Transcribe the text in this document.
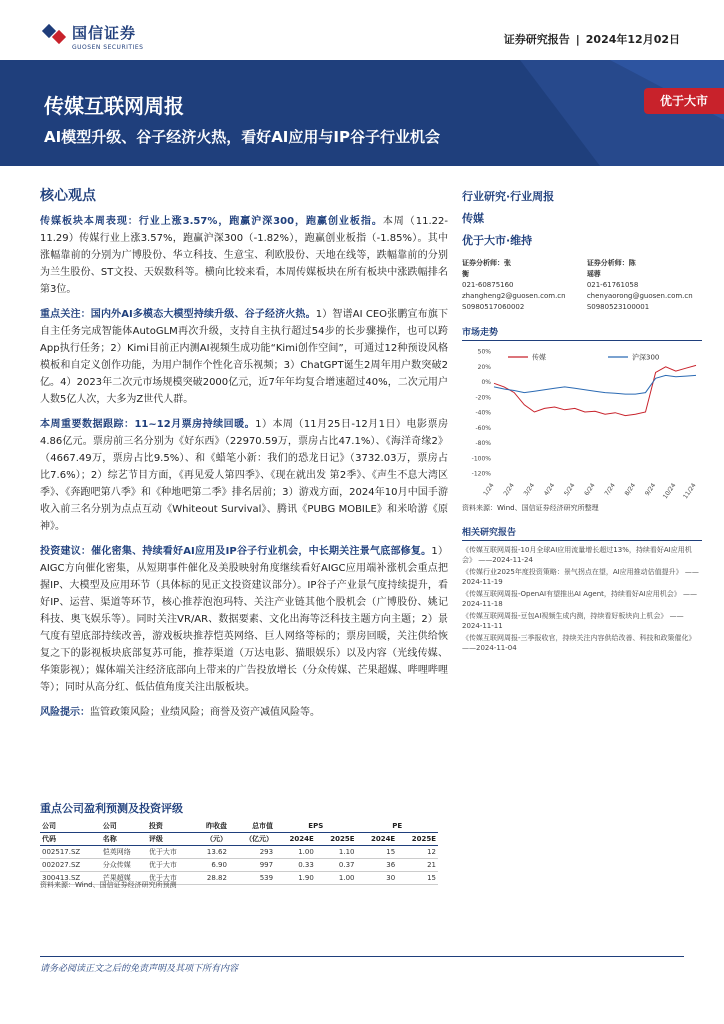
国信证券
GUOSEN SECURITIES
证券研究报告 | 2024年12月02日
传媒互联网周报
AI模型升级、谷子经济火热，看好AI应用与IP谷子行业机会
优于大市
核心观点
传媒板块本周表现：行业上涨3.57%，跑赢沪深300，跑赢创业板指。本周（11.22-11.29）传媒行业上涨3.57%，跑赢沪深300（-1.82%），跑赢创业板指（-1.85%）。其中涨幅靠前的分别为广博股份、华立科技、生意宝、利欧股份、天地在线等，跌幅靠前的分别为兰生股份、ST文投、天娱数科等。横向比较来看，本周传媒板块在所有板块中涨跌幅排名第3位。
重点关注：国内外AI多模态大模型持续升级、谷子经济火热。1）智谱AI CEO张鹏宣布旗下自主任务完成智能体AutoGLM再次升级，支持自主执行超过54步的长步骤操作，也可以跨App执行任务；2）Kimi目前正内测AI视频生成功能“Kimi创作空间”，可通过12种预设风格模板和自定义创作功能，为用户制作个性化音乐视频；3）ChatGPT诞生2周年用户数突破2亿。4）2023年二次元市场规模突破2000亿元，近7年年均复合增速超过40%，二次元用户人数5亿人次，大多为Z世代人群。
本周重要数据跟踪：11~12月票房持续回暖。1）本周（11月25日-12月1日）电影票房4.86亿元。票房前三名分别为《好东西》（22970.59万，票房占比47.1%）、《海洋奇缘2》（4667.49万，票房占比9.5%）、和《蜡笔小新：我们的恐龙日记》（3732.03万，票房占比7.6%）；2）综艺节目方面，《再见爱人第四季》、《现在就出发 第2季》、《声生不息大湾区季》、《奔跑吧第八季》和《种地吧第二季》排名居前；3）游戏方面，2024年10月中国手游收入前三名分别为点点互动《Whiteout Survival》、腾讯《PUBG MOBILE》和米哈游《原神》。
投资建议：催化密集、持续看好AI应用及IP谷子行业机会，中长期关注景气底部修复。1）AIGC方向催化密集，从短期事件催化及美股映射角度继续看好AIGC应用端补涨机会重点把握IP、大模型及应用环节（具体标的见正文投资建议部分）。IP谷子产业景气度持续提升，看好IP、运营、渠道等环节，核心推荐泡泡玛特、关注产业链其他个股机会（广博股份、姚记科技、奥飞娱乐等）。同时关注VR/AR、数据要素、文化出海等泛科技主题方向主题；2）景气度有望底部持续改善，游戏板块推荐恺英网络、巨人网络等标的；票房回暖，关注供给恢复之下的影视板块底部复苏可能，推荐渠道（万达电影、猫眼娱乐）以及内容（光线传媒、华策影视）；媒体端关注经济底部向上带来的广告投放增长（分众传媒、芒果超媒、哔哩哔哩等）；同时从高分红、低估值角度关注出版板块。
风险提示：监管政策风险；业绩风险；商誉及资产减值风险等。
行业研究·行业周报
传媒
优于大市·维持
证券分析师：张衡
021-60875160
zhangheng2@guosen.com.cn
S0980517060002
证券分析师：陈瑶蓉
021-61761058
chenyaorong@guosen.com.cn
S0980523100001
市场走势
50%
20%
0%
-20%
-40%
-60%
-80%
-100%
-120%
1/24 2/24 3/24 4/24 5/24 6/24 7/24 8/24 9/24 10/24 11/24
传媒	沪深300
资料来源：Wind、国信证券经济研究所整理
相关研究报告
《传媒互联网周报-10月全球AI应用流量增长超过13%，持续看好AI应用机会》 ——2024-11-24
《传媒行业2025年度投资策略：景气拐点在望，AI应用推动估值提升》 ——2024-11-19
《传媒互联网周报-OpenAI有望推出AI Agent，持续看好AI应用机会》 ——2024-11-18
《传媒互联网周报-豆包AI视频生成内测，持续看好板块向上机会》 ——2024-11-11
《传媒互联网周报-三季报收官，持续关注内容供给改善、科技和政策催化》 ——2024-11-04
重点公司盈利预测及投资评级
公司	公司	投资	昨收盘	总市值	EPS		PE	
代码	名称	评级	（元）	（亿元）	2024E	2025E	2024E	2025E
002517.SZ	恺英网络	优于大市	13.62	293	1.00	1.10	15	12
002027.SZ	分众传媒	优于大市	6.90	997	0.33	0.37	36	21
300413.SZ	芒果超媒	优于大市	28.82	539	1.90	1.00	30	15
资料来源：Wind、国信证券经济研究所预测
请务必阅读正文之后的免责声明及其项下所有内容
